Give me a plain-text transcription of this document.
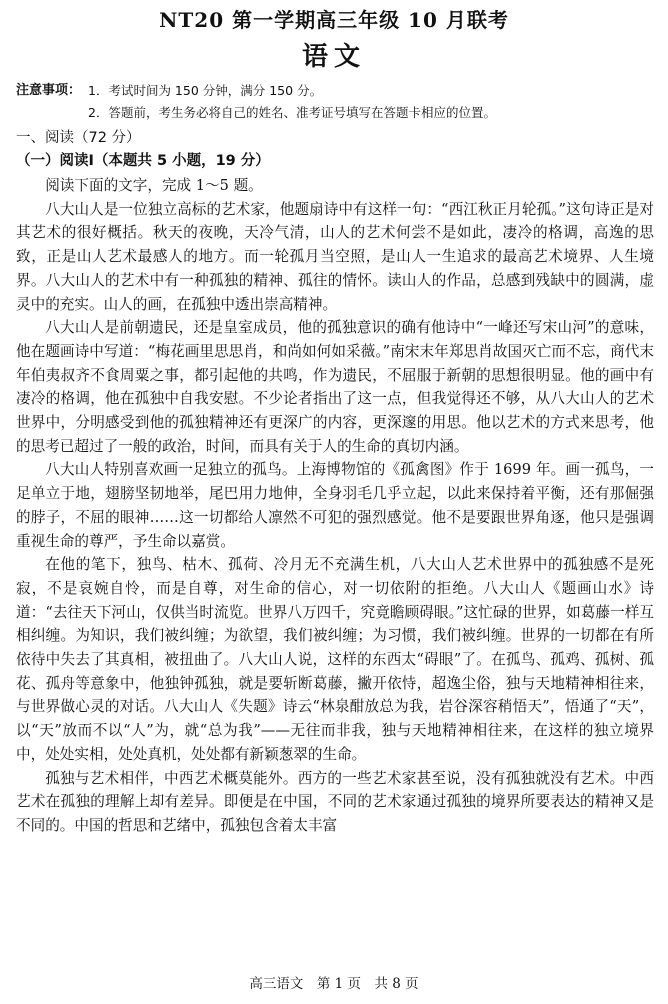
NT20 第一学期高三年级 10 月联考
语文
注意事项： 1．考试时间为 150 分钟，满分 150 分。
2．答题前，考生务必将自己的姓名、准考证号填写在答题卡相应的位置。
一、阅读（72 分）
（一）阅读Ⅰ（本题共 5 小题，19 分）

阅读下面的文字，完成 1～5 题。

八大山人是一位独立高标的艺术家，他题扇诗中有这样一句：“西江秋正月轮孤。”这句诗正是对其艺术的很好概括。秋天的夜晚，天冷气清，山人的艺术何尝不是如此，凄冷的格调，高逸的思致，正是山人艺术最感人的地方。而一轮孤月当空照，是山人一生追求的最高艺术境界、人生境界。八大山人的艺术中有一种孤独的精神、孤往的情怀。读山人的作品，总感到残缺中的圆满，虚灵中的充实。山人的画，在孤独中透出崇高精神。

八大山人是前朝遗民，还是皇室成员，他的孤独意识的确有他诗中“一峰还写宋山河”的意味，他在题画诗中写道：“梅花画里思思肖，和尚如何如采薇。”南宋末年郑思肖故国灭亡而不忘，商代末年伯夷叔齐不食周粟之事，都引起他的共鸣，作为遗民，不屈服于新朝的思想很明显。他的画中有凄冷的格调，他在孤独中自我安慰。不少论者指出了这一点，但我觉得还不够，从八大山人的艺术世界中，分明感受到他的孤独精神还有更深广的内容，更深邃的用思。他以艺术的方式来思考，他的思考已超过了一般的政治，时间，而具有关于人的生命的真切内涵。

八大山人特别喜欢画一足独立的孤鸟。上海博物馆的《孤禽图》作于 1699 年。画一孤鸟，一足单立于地，翅膀坚韧地举，尾巴用力地伸，全身羽毛几乎立起，以此来保持着平衡，还有那倔强的脖子，不屈的眼神……这一切都给人凛然不可犯的强烈感觉。他不是要跟世界角逐，他只是强调重视生命的尊严，予生命以嘉赏。

在他的笔下，独鸟、枯木、孤荷、冷月无不充满生机，八大山人艺术世界中的孤独感不是死寂，不是哀婉自怜，而是自尊，对生命的信心，对一切依附的拒绝。八大山人《题画山水》诗道：“去往天下河山，仅供当时流览。世界八万四千，究竟瞻顾碍眼。”这忙碌的世界，如葛藤一样互相纠缠。为知识，我们被纠缠；为欲望，我们被纠缠；为习惯，我们被纠缠。世界的一切都在有所依待中失去了其真相，被扭曲了。八大山人说，这样的东西太“碍眼”了。在孤鸟、孤鸡、孤树、孤花、孤舟等意象中，他独钟孤独，就是要斩断葛藤，撇开依恃，超逸尘俗，独与天地精神相往来，与世界做心灵的对话。八大山人《失题》诗云“林泉酣放总为我，岩谷深容稍悟天”，悟通了“天”，以“天”放而不以“人”为，就“总为我”——无往而非我，独与天地精神相往来，在这样的独立境界中，处处实相，处处真机，处处都有新颖葱翠的生命。

孤独与艺术相伴，中西艺术概莫能外。西方的一些艺术家甚至说，没有孤独就没有艺术。中西艺术在孤独的理解上却有差异。即便是在中国，不同的艺术家通过孤独的境界所要表达的精神又是不同的。中国的哲思和艺绪中，孤独包含着太丰富

高三语文　第 1 页　共 8 页
